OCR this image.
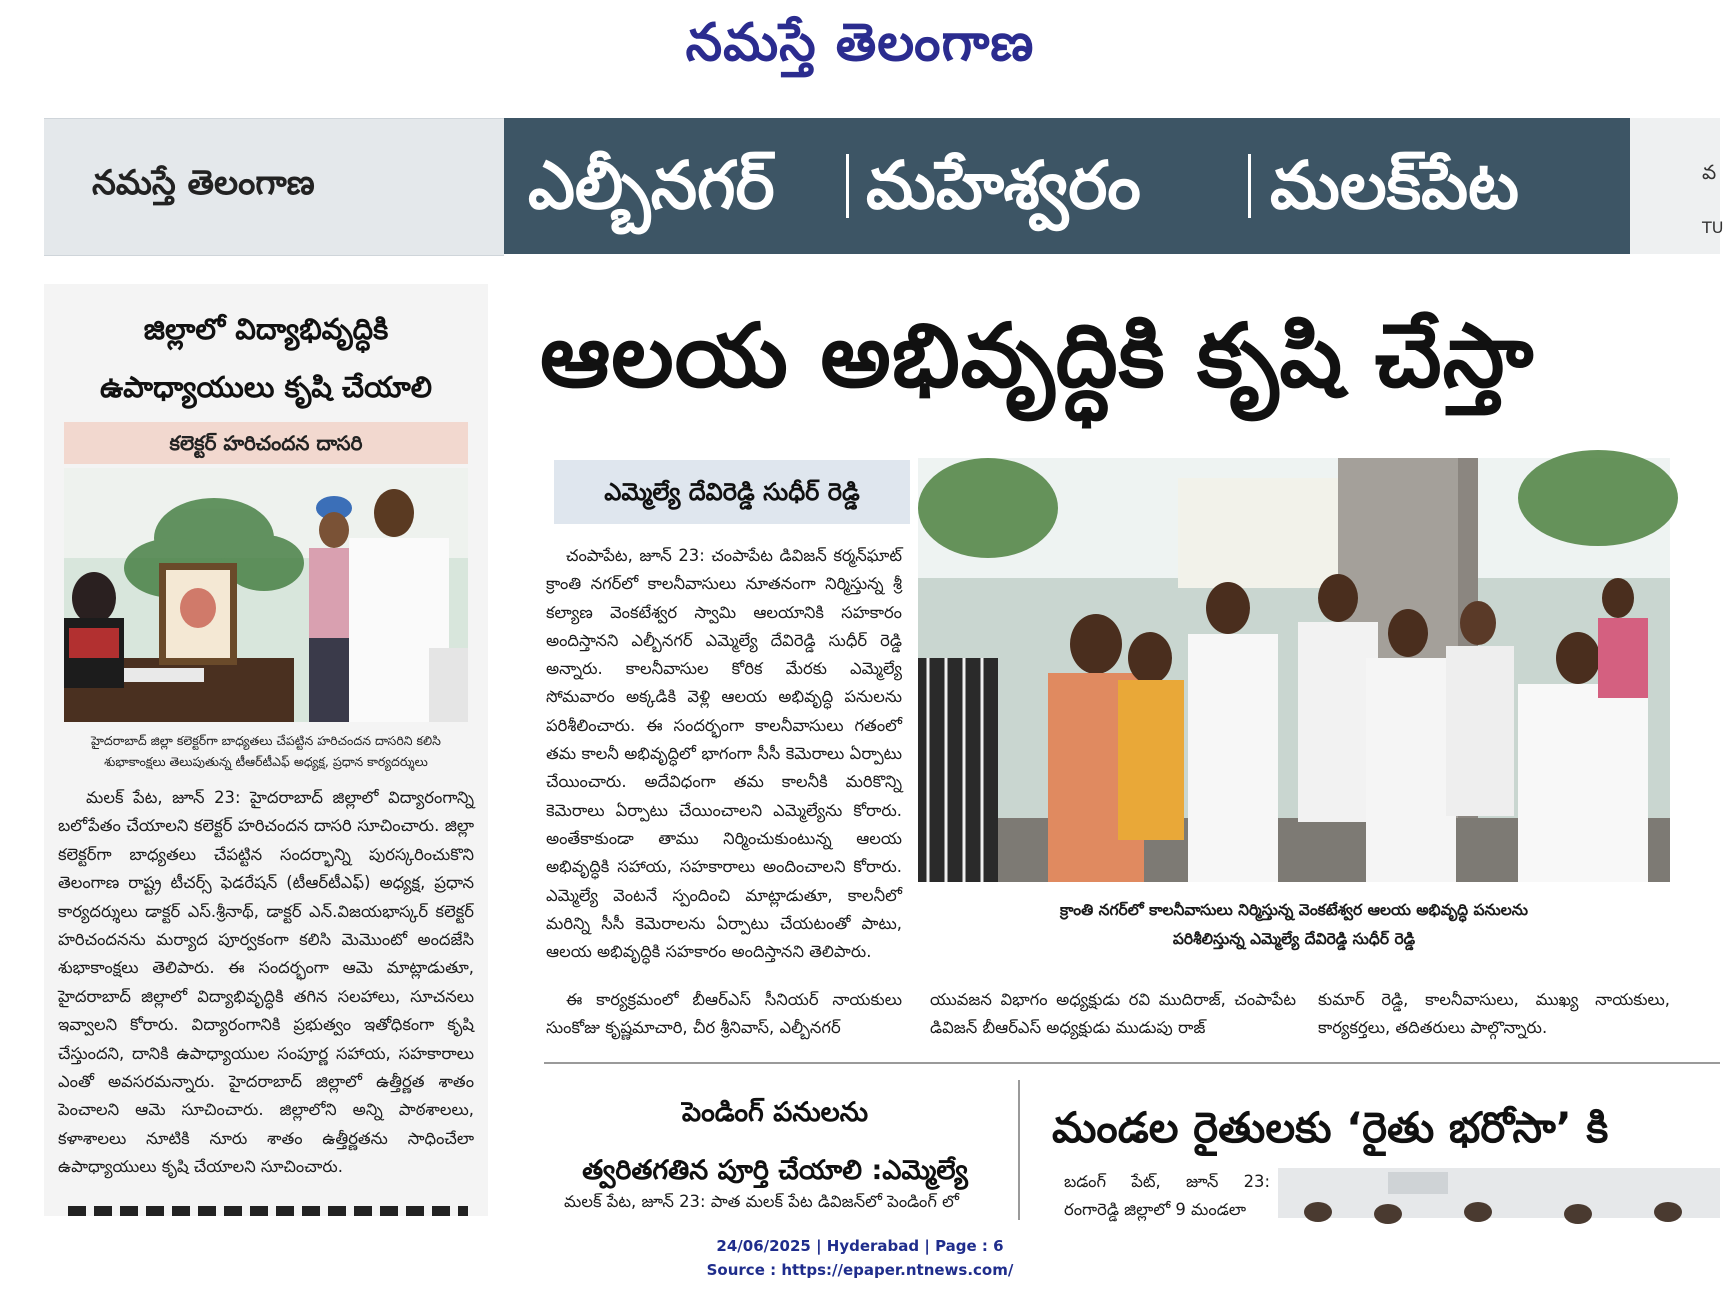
నమస్తే తెలంగాణ
నమస్తే తెలంగాణ	ఎల్బీనగర్ మహేశ్వరం మలక్‌పేట	వ
TU
జిల్లాలో విద్యాభివృద్ధికి
ఉపాధ్యాయులు కృషి చేయాలి
కలెక్టర్ హరిచందన దాసరి
హైదరాబాద్ జిల్లా కలెక్టర్‌గా బాధ్యతలు చేపట్టిన హరిచందన దాసరిని కలిసి శుభాకాంక్షలు తెలుపుతున్న టీఆర్‌టీఎఫ్ అధ్యక్ష, ప్రధాన కార్యదర్శులు
మలక్ పేట, జూన్ 23: హైదరాబాద్ జిల్లాలో విద్యారంగాన్ని బలోపేతం చేయాలని కలెక్టర్ హరిచందన దాసరి సూచించారు. జిల్లా కలెక్టర్‌గా బాధ్యతలు చేపట్టిన సందర్భాన్ని పురస్కరించుకొని తెలంగాణ రాష్ట్ర టీచర్స్ ఫెడరేషన్ (టీఆర్‌టీఎఫ్) అధ్యక్ష, ప్రధాన కార్యదర్శులు డాక్టర్ ఎస్.శ్రీనాథ్, డాక్టర్ ఎన్.విజయభాస్కర్ కలెక్టర్ హరిచందనను మర్యాద పూర్వకంగా కలిసి మెమొంటో అందజేసి శుభాకాంక్షలు తెలిపారు. ఈ సందర్భంగా ఆమె మాట్లాడుతూ, హైదరాబాద్ జిల్లాలో విద్యాభివృద్ధికి తగిన సలహాలు, సూచనలు ఇవ్వాలని కోరారు. విద్యారంగానికి ప్రభుత్వం ఇతోధికంగా కృషి చేస్తుందని, దానికి ఉపాధ్యాయుల సంపూర్ణ సహాయ, సహకారాలు ఎంతో అవసరమన్నారు. హైదరాబాద్ జిల్లాలో ఉత్తీర్ణత శాతం పెంచాలని ఆమె సూచించారు. జిల్లాలోని అన్ని పాఠశాలలు, కళాశాలలు నూటికి నూరు శాతం ఉత్తీర్ణతను సాధించేలా ఉపాధ్యాయులు కృషి చేయాలని సూచించారు.
ఆలయ అభివృద్ధికి కృషి చేస్తా
ఎమ్మెల్యే దేవిరెడ్డి సుధీర్ రెడ్డి
చంపాపేట, జూన్ 23: చంపాపేట డివిజన్ కర్మన్‌ఘాట్ క్రాంతి నగర్‌లో కాలనీవాసులు నూతనంగా నిర్మిస్తున్న శ్రీ కల్యాణ వెంకటేశ్వర స్వామి ఆలయానికి సహకారం అందిస్తానని ఎల్బీనగర్ ఎమ్మెల్యే దేవిరెడ్డి సుధీర్ రెడ్డి అన్నారు. కాలనీవాసుల కోరిక మేరకు ఎమ్మెల్యే సోమవారం అక్కడికి వెళ్లి ఆలయ అభివృద్ధి పనులను పరిశీలించారు. ఈ సందర్భంగా కాలనీవాసులు గతంలో తమ కాలనీ అభివృద్ధిలో భాగంగా సీసీ కెమెరాలు ఏర్పాటు చేయించారు. అదేవిధంగా తమ కాలనీకి మరికొన్ని కెమెరాలు ఏర్పాటు చేయించాలని ఎమ్మెల్యేను కోరారు. అంతేకాకుండా తాము నిర్మించుకుంటున్న ఆలయ అభివృద్ధికి సహాయ, సహకారాలు అందించాలని కోరారు. ఎమ్మెల్యే వెంటనే స్పందించి మాట్లాడుతూ, కాలనీలో మరిన్ని సీసీ కెమెరాలను ఏర్పాటు చేయటంతో పాటు, ఆలయ అభివృద్ధికి సహకారం అందిస్తానని తెలిపారు.
క్రాంతి నగర్‌లో కాలనీవాసులు నిర్మిస్తున్న వెంకటేశ్వర ఆలయ అభివృద్ధి పనులను
పరిశీలిస్తున్న ఎమ్మెల్యే దేవిరెడ్డి సుధీర్ రెడ్డి
ఈ కార్యక్రమంలో బీఆర్ఎస్ సీనియర్ నాయకులు సుంకోజు కృష్ణమాచారి, చీర శ్రీనివాస్, ఎల్బీనగర్
యువజన విభాగం అధ్యక్షుడు రవి ముదిరాజ్, చంపాపేట డివిజన్ బీఆర్ఎస్ అధ్యక్షుడు ముడుపు రాజ్
కుమార్ రెడ్డి, కాలనీవాసులు, ముఖ్య నాయకులు, కార్యకర్తలు, తదితరులు పాల్గొన్నారు.
పెండింగ్ పనులను
త్వరితగతిన పూర్తి చేయాలి :ఎమ్మెల్యే
మలక్ పేట, జూన్ 23: పాత మలక్ పేట డివిజన్‌లో పెండింగ్ లో
మండల రైతులకు ‘రైతు భరోసా’ కి
బడంగ్ పేట్, జూన్ 23: రంగారెడ్డి జిల్లాలో 9 మండలా
24/06/2025 | Hyderabad | Page : 6
Source : https://epaper.ntnews.com/
